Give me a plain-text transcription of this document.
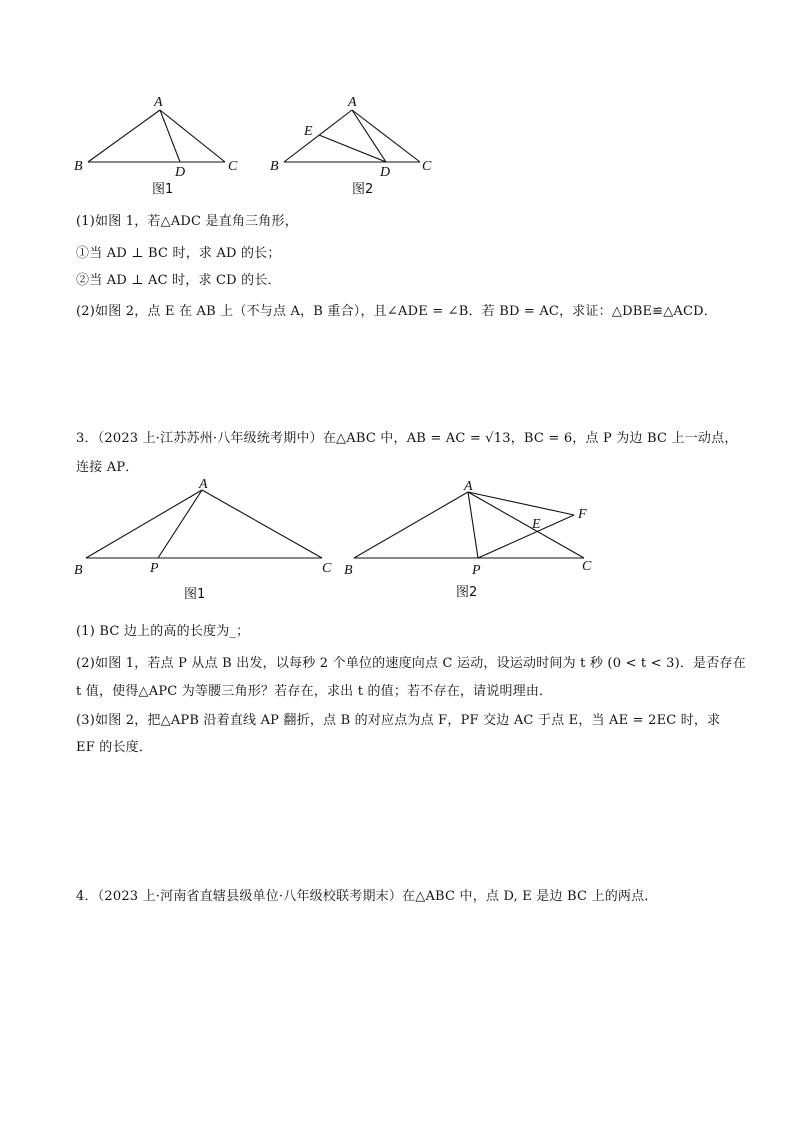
A
B	C
D
图1
A
E
B	C
D
图2
(1)如图 1，若△ADC 是直角三角形，
①当 AD ⊥ BC 时，求 AD 的长；
②当 AD ⊥ AC 时，求 CD 的长．
(2)如图 2，点 E 在 AB 上（不与点 A，B 重合），且∠ADE = ∠B．若 BD = AC，求证：△DBE≌△ACD．
3．（2023 上·江苏苏州·八年级统考期中）在△ABC 中，AB = AC = √13，BC = 6，点 P 为边 BC 上一动点，
连接 AP．
A
B	C
P
图1
A
B	C
P
E
F
图2
(1) BC 边上的高的长度为_；
(2)如图 1，若点 P 从点 B 出发，以每秒 2 个单位的速度向点 C 运动，设运动时间为 t 秒 (0 < t < 3)．是否存在
t 值，使得△APC 为等腰三角形？若存在，求出 t 的值；若不存在，请说明理由．
(3)如图 2，把△APB 沿着直线 AP 翻折，点 B 的对应点为点 F，PF 交边 AC 于点 E，当 AE = 2EC 时，求
EF 的长度．
4．（2023 上·河南省直辖县级单位·八年级校联考期末）在△ABC 中，点 D, E 是边 BC 上的两点．
